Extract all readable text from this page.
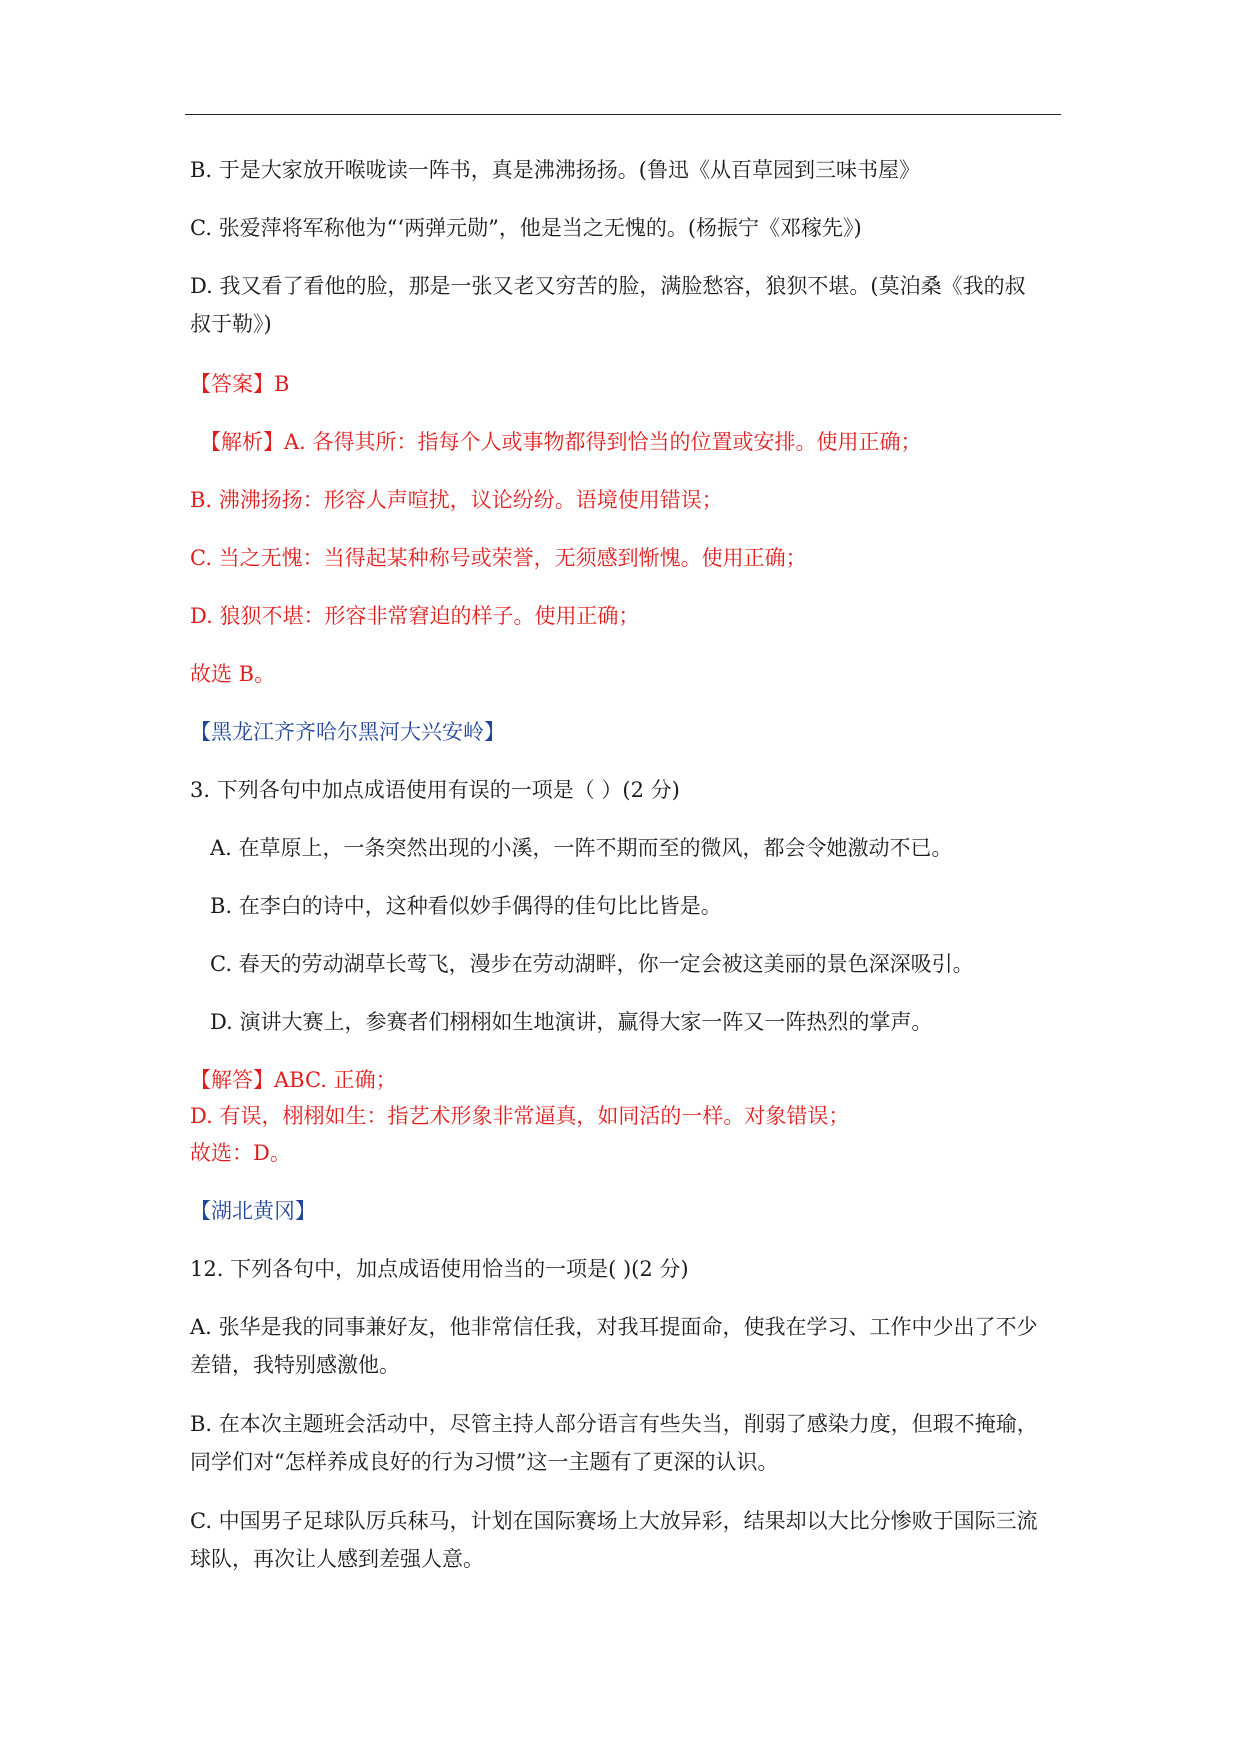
B. 于是大家放开喉咙读一阵书，真是沸沸扬扬。(鲁迅《从百草园到三味书屋》
C. 张爱萍将军称他为“‘两弹元勋”，他是当之无愧的。(杨振宁《邓稼先》)
D. 我又看了看他的脸，那是一张又老又穷苦的脸，满脸愁容，狼狈不堪。(莫泊桑《我的叔
叔于勒》)
【答案】B
【解析】A. 各得其所：指每个人或事物都得到恰当的位置或安排。使用正确；
B. 沸沸扬扬：形容人声喧扰，议论纷纷。语境使用错误；
C. 当之无愧：当得起某种称号或荣誉，无须感到惭愧。使用正确；
D. 狼狈不堪：形容非常窘迫的样子。使用正确；
故选 B。
【黑龙江齐齐哈尔黑河大兴安岭】
3. 下列各句中加点成语使用有误的一项是（ ）(2 分)
A. 在草原上，一条突然出现的小溪，一阵不期而至的微风，都会令她激动不已。
B. 在李白的诗中，这种看似妙手偶得的佳句比比皆是。
C. 春天的劳动湖草长莺飞，漫步在劳动湖畔，你一定会被这美丽的景色深深吸引。
D. 演讲大赛上，参赛者们栩栩如生地演讲，赢得大家一阵又一阵热烈的掌声。
【解答】ABC. 正确；
D. 有误，栩栩如生：指艺术形象非常逼真，如同活的一样。对象错误；
故选：D。
【湖北黄冈】
12. 下列各句中，加点成语使用恰当的一项是( )(2 分)
A. 张华是我的同事兼好友，他非常信任我，对我耳提面命，使我在学习、工作中少出了不少
差错，我特别感激他。
B. 在本次主题班会活动中，尽管主持人部分语言有些失当，削弱了感染力度，但瑕不掩瑜，
同学们对“怎样养成良好的行为习惯”这一主题有了更深的认识。
C. 中国男子足球队厉兵秣马，计划在国际赛场上大放异彩，结果却以大比分惨败于国际三流
球队，再次让人感到差强人意。
